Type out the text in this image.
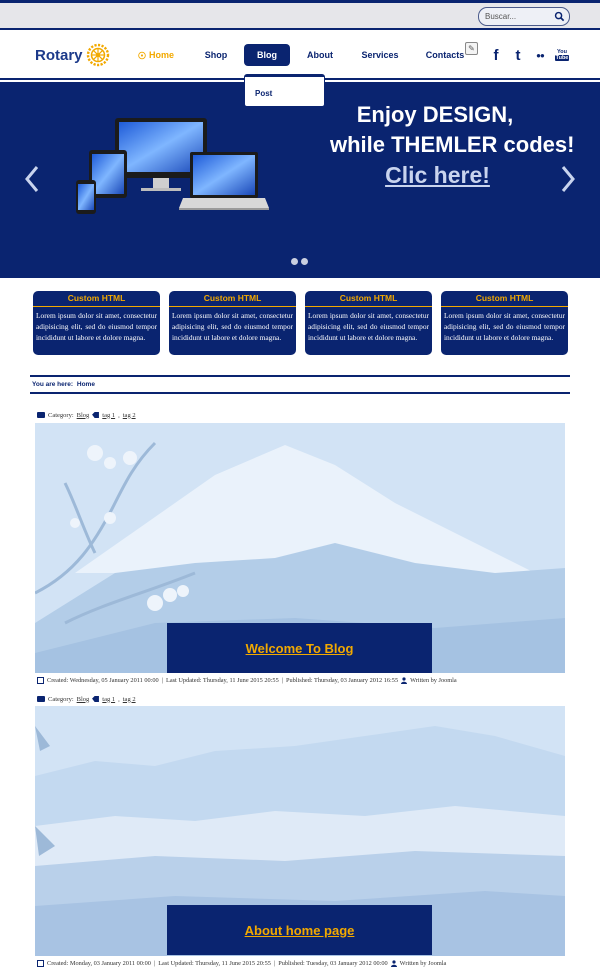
Buscar...
Rotary	Home	Shop	Blog	About	Services	Contacts
✎ f t ●● You
Tube
Post
Enjoy DESIGN,
while THEMLER codes!
Clic here!
Custom HTML
Lorem ipsum dolor sit amet, consectetur adipisicing elit, sed do eiusmod tempor incididunt ut labore et dolore magna.
Custom HTML
Lorem ipsum dolor sit amet, consectetur adipisicing elit, sed do eiusmod tempor incididunt ut labore et dolore magna.
Custom HTML
Lorem ipsum dolor sit amet, consectetur adipisicing elit, sed do eiusmod tempor incididunt ut labore et dolore magna.
Custom HTML
Lorem ipsum dolor sit amet, consectetur adipisicing elit, sed do eiusmod tempor incididunt ut labore et dolore magna.
You are here: Home
Category: Blog tag 1 , tag 2
Welcome To Blog
Created: Wednesday, 05 January 2011 00:00 | Last Updated: Thursday, 11 June 2015 20:55 | Published: Thursday, 03 January 2012 16:55 Written by Joomla
Category: Blog tag 1 , tag 2
About home page
Created: Monday, 03 January 2011 00:00 | Last Updated: Thursday, 11 June 2015 20:55 | Published: Tuesday, 03 January 2012 00:00 Written by Joomla
